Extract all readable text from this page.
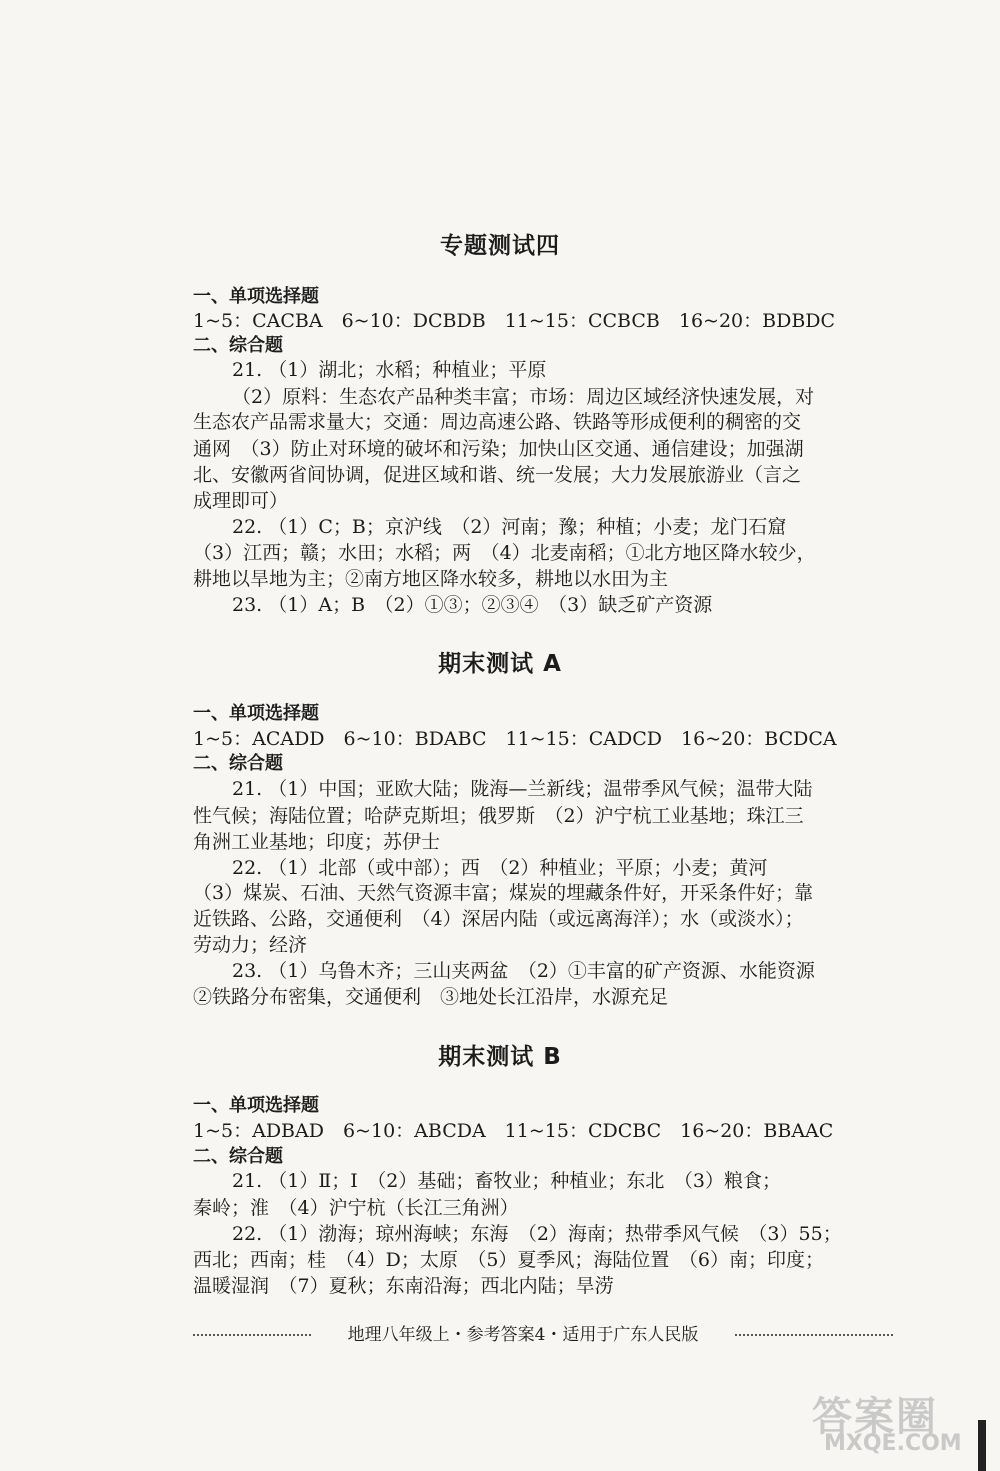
专题测试四
一、单项选择题
1~5：CACBA　6~10：DCBDB　11~15：CCBCB　16~20：BDBDC
二、综合题
21. （1）湖北；水稻；种植业；平原
（2）原料：生态农产品种类丰富；市场：周边区域经济快速发展，对
生态农产品需求量大；交通：周边高速公路、铁路等形成便利的稠密的交
通网　（3）防止对环境的破坏和污染；加快山区交通、通信建设；加强湖
北、安徽两省间协调，促进区域和谐、统一发展；大力发展旅游业（言之
成理即可）
22. （1）C；B；京沪线　（2）河南；豫；种植；小麦；龙门石窟
（3）江西；赣；水田；水稻；两　（4）北麦南稻；①北方地区降水较少，
耕地以旱地为主；②南方地区降水较多，耕地以水田为主
23. （1）A；B　（2）①③；②③④　（3）缺乏矿产资源
期末测试 A
一、单项选择题
1~5：ACADD　6~10：BDABC　11~15：CADCD　16~20：BCDCA
二、综合题
21. （1）中国；亚欧大陆；陇海—兰新线；温带季风气候；温带大陆
性气候；海陆位置；哈萨克斯坦；俄罗斯　（2）沪宁杭工业基地；珠江三
角洲工业基地；印度；苏伊士
22. （1）北部（或中部）；西　（2）种植业；平原；小麦；黄河
（3）煤炭、石油、天然气资源丰富；煤炭的埋藏条件好，开采条件好；靠
近铁路、公路，交通便利　（4）深居内陆（或远离海洋）；水（或淡水）；
劳动力；经济
23. （1）乌鲁木齐；三山夹两盆　（2）①丰富的矿产资源、水能资源
②铁路分布密集，交通便利　③地处长江沿岸，水源充足
期末测试 B
一、单项选择题
1~5：ADBAD　6~10：ABCDA　11~15：CDCBC　16~20：BBAAC
二、综合题
21. （1）Ⅱ；Ⅰ　（2）基础；畜牧业；种植业；东北　（3）粮食；
秦岭；淮　（4）沪宁杭（长江三角洲）
22. （1）渤海；琼州海峡；东海　（2）海南；热带季风气候　（3）55；
西北；西南；桂　（4）D；太原　（5）夏季风；海陆位置　（6）南；印度；
温暖湿润　（7）夏秋；东南沿海；西北内陆；旱涝
地理八年级上・参考答案4・适用于广东人民版
答案圈
MXQE.COM
